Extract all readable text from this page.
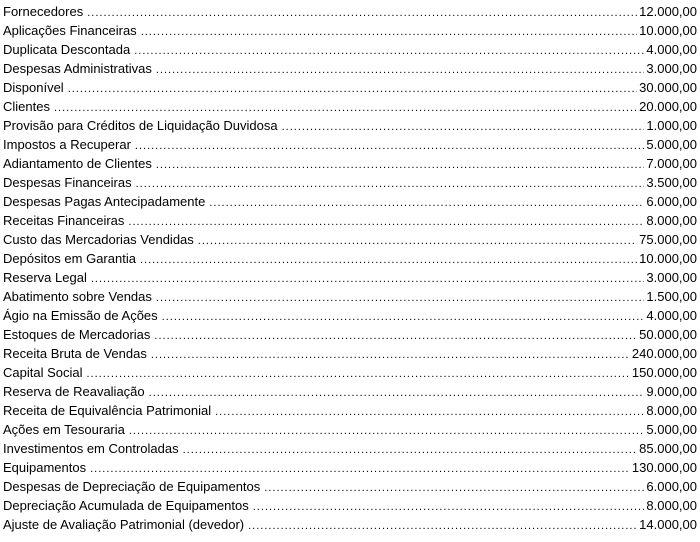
Fornecedores .....	12.000,00
Aplicações Financeiras .....	10.000,00
Duplicata Descontada .....	4.000,00
Despesas Administrativas .....	3.000,00
Disponível .....	30.000,00
Clientes .....	20.000,00
Provisão para Créditos de Liquidação Duvidosa .....	1.000,00
Impostos a Recuperar .....	5.000,00
Adiantamento de Clientes .....	7.000,00
Despesas Financeiras .....	3.500,00
Despesas Pagas Antecipadamente .....	6.000,00
Receitas Financeiras .....	8.000,00
Custo das Mercadorias Vendidas .....	75.000,00
Depósitos em Garantia .....	10.000,00
Reserva Legal .....	3.000,00
Abatimento sobre Vendas .....	1.500,00
Ágio na Emissão de Ações .....	4.000,00
Estoques de Mercadorias .....	50.000,00
Receita Bruta de Vendas .....	240.000,00
Capital Social .....	150.000,00
Reserva de Reavaliação .....	9.000,00
Receita de Equivalência Patrimonial .....	8.000,00
Ações em Tesouraria .....	5.000,00
Investimentos em Controladas .....	85.000,00
Equipamentos .....	130.000,00
Despesas de Depreciação de Equipamentos .....	6.000,00
Depreciação Acumulada de Equipamentos .....	8.000,00
Ajuste de Avaliação Patrimonial (devedor) .....	14.000,00
